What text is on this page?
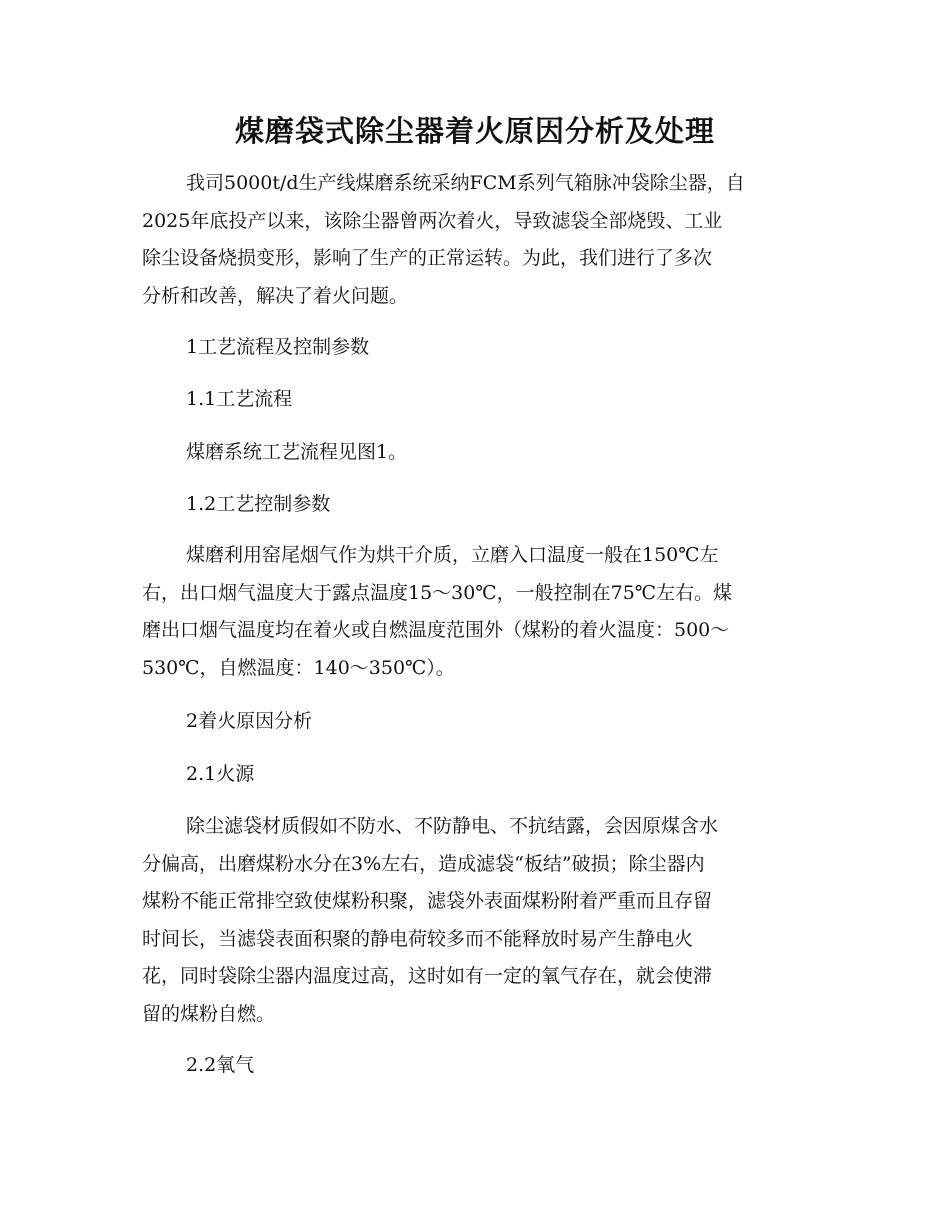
煤磨袋式除尘器着火原因分析及处理
我司5000t/d生产线煤磨系统采纳FCM系列气箱脉冲袋除尘器，自
2025年底投产以来，该除尘器曾两次着火，导致滤袋全部烧毁、工业
除尘设备烧损变形，影响了生产的正常运转。为此，我们进行了多次
分析和改善，解决了着火问题。
1工艺流程及控制参数
1.1工艺流程
煤磨系统工艺流程见图1。
1.2工艺控制参数
煤磨利用窑尾烟气作为烘干介质，立磨入口温度一般在150℃左
右，出口烟气温度大于露点温度15～30℃，一般控制在75℃左右。煤
磨出口烟气温度均在着火或自燃温度范围外（煤粉的着火温度：500～
530℃，自燃温度：140～350℃）。
2着火原因分析
2.1火源
除尘滤袋材质假如不防水、不防静电、不抗结露，会因原煤含水
分偏高，出磨煤粉水分在3%左右，造成滤袋“板结”破损；除尘器内
煤粉不能正常排空致使煤粉积聚，滤袋外表面煤粉附着严重而且存留
时间长，当滤袋表面积聚的静电荷较多而不能释放时易产生静电火
花，同时袋除尘器内温度过高，这时如有一定的氧气存在，就会使滞
留的煤粉自燃。
2.2氧气
